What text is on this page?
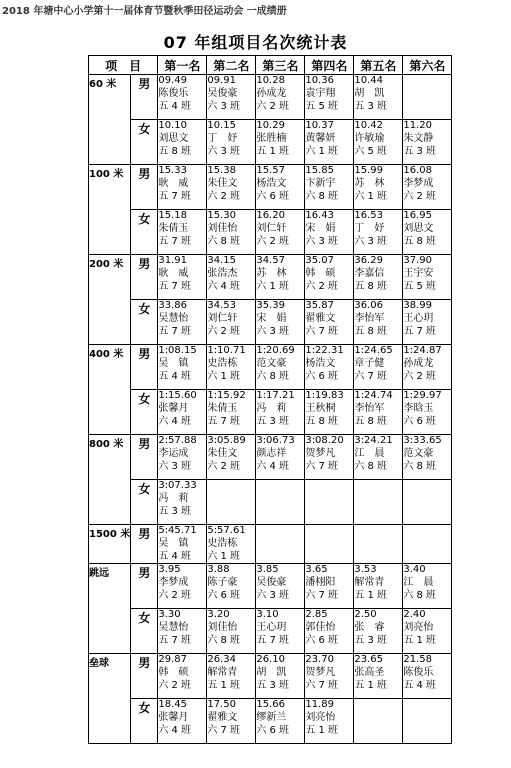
2018 年塘中心小学第十一届体育节暨秋季田径运动会 一成绩册
07 年组项目名次统计表
项　目		第一名	第二名	第三名	第四名	第五名	第六名
60 米	男	09.49
陈俊乐
五 4 班	09.91
吴俊豪
六 3 班	10.28
孙成龙
六 2 班	10.36
袁宇翔
五 5 班	10.44
胡　凯
五 3 班	

	女	10.10
刘思文
五 8 班	10.15
丁　妤
六 3 班	10.29
张胜楠
五 1 班	10.37
黄馨妍
六 1 班	10.42
许敏瑜
六 5 班	11.20
朱文静
五 3 班

100 米	男	15.33
耿　威
五 7 班	15.38
朱佳文
六 2 班	15.57
杨浩文
六 6 班	15.85
卞新宇
六 8 班	15.99
苏　林
六 1 班	16.08
李梦成
六 2 班

	女	15.18
朱倩玉
五 7 班	15.30
刘佳怡
六 8 班	16.20
刘仁轩
六 2 班	16.43
宋　娟
六 3 班	16.53
丁　妤
六 3 班	16.95
刘思文
五 8 班

200 米	男	31.91
耿　威
五 7 班	34.15
张浩杰
六 4 班	34.57
苏　林
六 1 班	35.07
韩　硕
六 2 班	36.29
李嘉信
五 8 班	37.90
王宇安
五 5 班

	女	33.86
吴慧怡
五 7 班	34.53
刘仁轩
六 2 班	35.39
宋　娟
六 3 班	35.87
翟雅文
六 7 班	36.06
李怡军
五 8 班	38.99
王心玥
五 7 班

400 米	男	1:08.15
吴　镇
五 4 班	1:10.71
史浩栋
六 1 班	1:20.69
范文豪
六 8 班	1:22.31
杨浩文
六 6 班	1:24.65
章子健
六 7 班	1:24.87
孙成龙
六 2 班

	女	1:15.60
张馨月
六 4 班	1:15.92
朱倩玉
五 7 班	1:17.21
冯　莉
五 3 班	1:19.83
王秋桐
五 8 班	1:24.74
李怡军
五 8 班	1:29.97
李晗玉
六 6 班

800 米	男	2:57.88
李运成
六 3 班	3:05.89
朱佳文
六 2 班	3:06.73
颜志祥
六 4 班	3:08.20
贺梦凡
六 7 班	3:24.21
江　晨
六 8 班	3:33.65
范文豪
六 8 班

	女	3:07.33
冯　莉
五 3 班					

1500 米	男	5:45.71
吴　镇
五 4 班	5:57.61
史浩栋
六 1 班				

跳远	男	3.95
李梦成
六 2 班	3.88
陈子豪
六 6 班	3.85
吴俊豪
六 3 班	3.65
潘栩阳
六 7 班	3.53
解常青
五 1 班	3.40
江　晨
六 8 班

	女	3.30
吴慧怡
五 7 班	3.20
刘佳怡
六 8 班	3.10
王心玥
五 7 班	2.85
郭佳怡
六 6 班	2.50
张　睿
五 3 班	2.40
刘亮怡
五 1 班

垒球	男	29.87
韩　硕
六 2 班	26.34
解常青
五 1 班	26.10
胡　凯
五 3 班	23.70
贺梦凡
六 7 班	23.65
张高圣
五 1 班	21.58
陈俊乐
五 4 班

	女	18.45
张馨月
六 4 班	17.50
翟雅文
六 7 班	15.66
缪新兰
六 6 班	11.89
刘亮怡
五 1 班		
